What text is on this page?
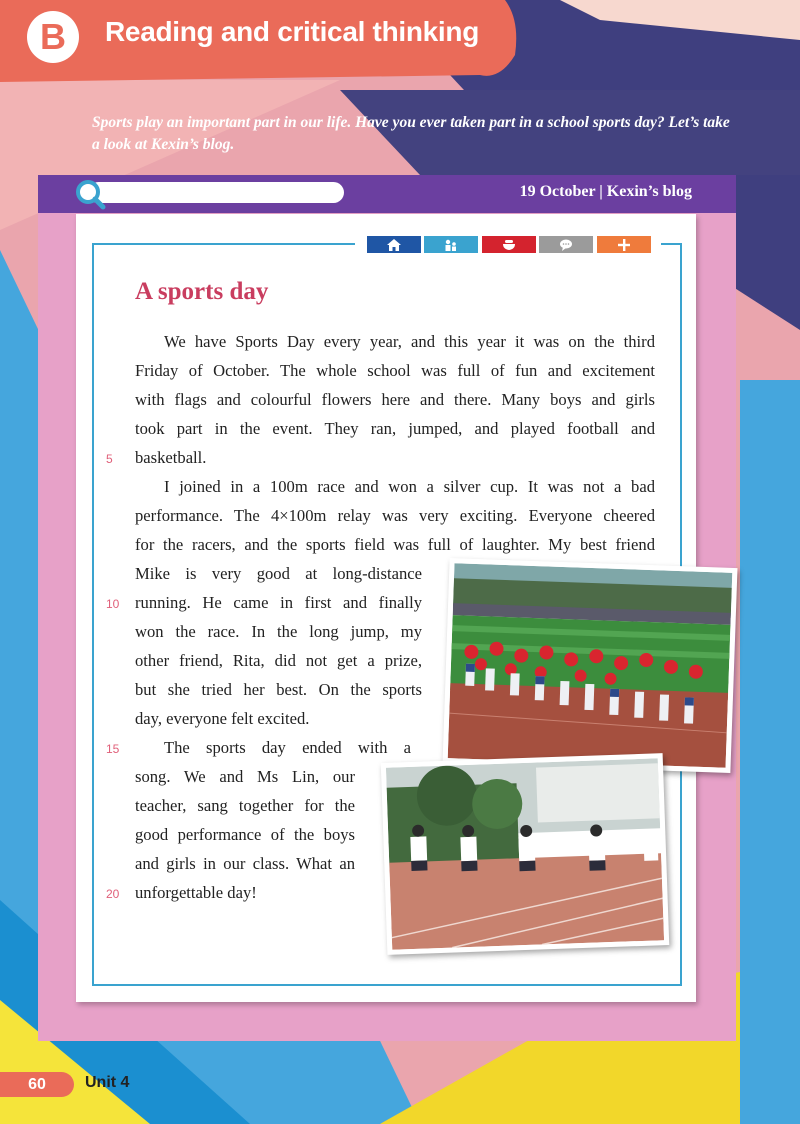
B	Reading and critical thinking
Sports play an important part in our life. Have you ever taken part in a school sports day? Let’s take a look at Kexin’s blog.
19 October | Kexin’s blog
A sports day
We have Sports Day every year, and this year it was on the third
Friday of October. The whole school was full of fun and excitement
with flags and colourful flowers here and there. Many boys and girls
took part in the event. They ran, jumped, and played football and
basketball.
5
I joined in a 100m race and won a silver cup. It was not a bad
performance. The 4×100m relay was very exciting. Everyone cheered
for the racers, and the sports field was full of laughter. My best friend
Mike is very good at long-distance
running. He came in first and finally
10
won the race. In the long jump, my
other friend, Rita, did not get a prize,
but she tried her best. On the sports
day, everyone felt excited.
The sports day ended with a
15
song. We and Ms Lin, our
teacher, sang together for the
good performance of the boys
and girls in our class. What an
unforgettable day!
20
60	Unit 4
